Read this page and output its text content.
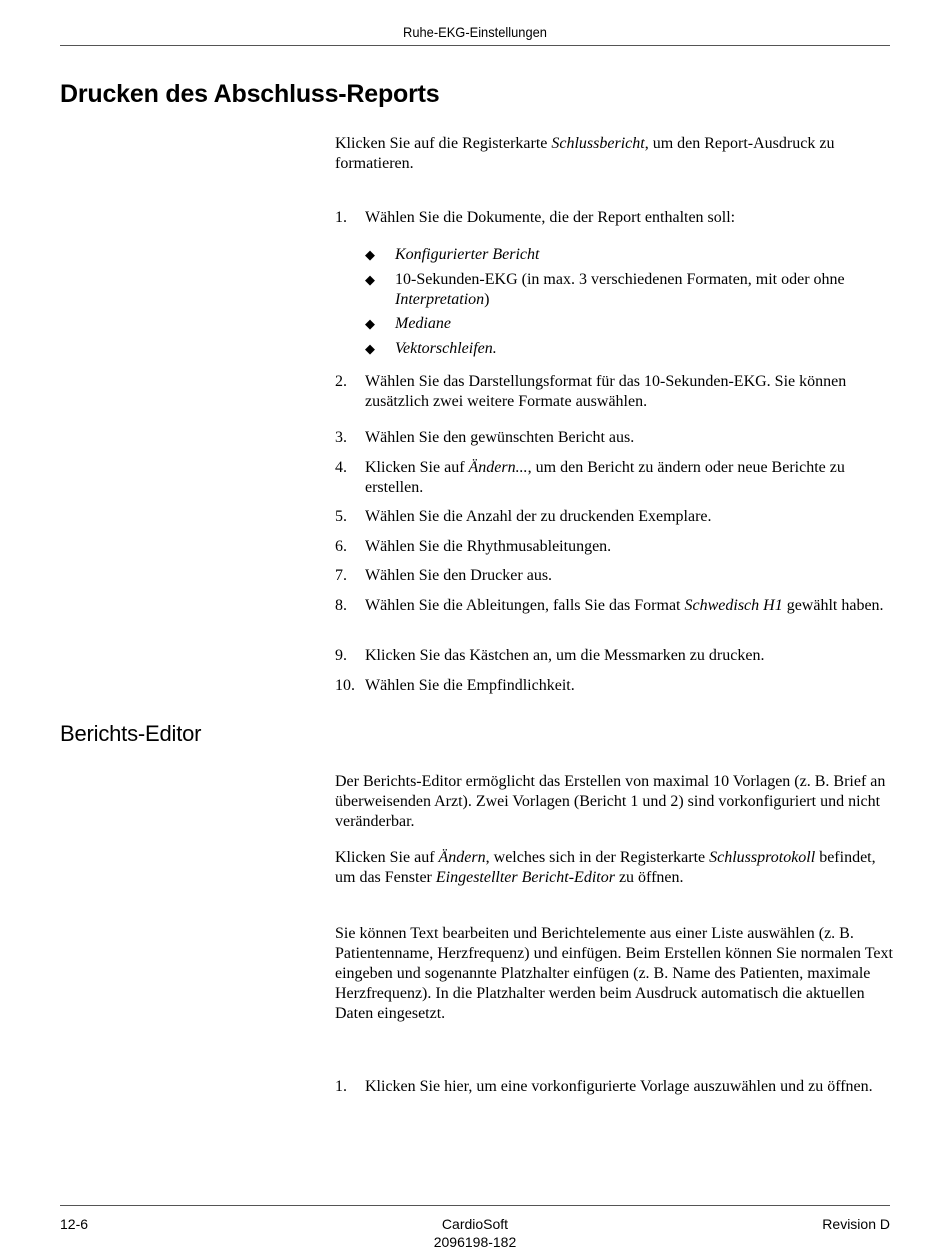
Ruhe-EKG-Einstellungen
Drucken des Abschluss-Reports

Klicken Sie auf die Registerkarte Schlussbericht, um den Report-Ausdruck zu formatieren.

1. Wählen Sie die Dokumente, die der Report enthalten soll:
◆ Konfigurierter Bericht
◆ 10-Sekunden-EKG (in max. 3 verschiedenen Formaten, mit oder ohne Interpretation)
◆ Mediane
◆ Vektorschleifen.
2. Wählen Sie das Darstellungsformat für das 10-Sekunden-EKG. Sie können zusätzlich zwei weitere Formate auswählen.
3. Wählen Sie den gewünschten Bericht aus.
4. Klicken Sie auf Ändern..., um den Bericht zu ändern oder neue Berichte zu erstellen.
5. Wählen Sie die Anzahl der zu druckenden Exemplare.
6. Wählen Sie die Rhythmusableitungen.
7. Wählen Sie den Drucker aus.
8. Wählen Sie die Ableitungen, falls Sie das Format Schwedisch H1 gewählt haben.
9. Klicken Sie das Kästchen an, um die Messmarken zu drucken.
10. Wählen Sie die Empfindlichkeit.
Berichts-Editor

Der Berichts-Editor ermöglicht das Erstellen von maximal 10 Vorlagen (z. B. Brief an überweisenden Arzt). Zwei Vorlagen (Bericht 1 und 2) sind vorkonfiguriert und nicht veränderbar.

Klicken Sie auf Ändern, welches sich in der Registerkarte Schlussprotokoll befindet, um das Fenster Eingestellter Bericht-Editor zu öffnen.

Sie können Text bearbeiten und Berichtelemente aus einer Liste auswählen (z. B. Patientenname, Herzfrequenz) und einfügen. Beim Erstellen können Sie normalen Text eingeben und sogenannte Platzhalter einfügen (z. B. Name des Patienten, maximale Herzfrequenz). In die Platzhalter werden beim Ausdruck automatisch die aktuellen Daten eingesetzt.

1. Klicken Sie hier, um eine vorkonfigurierte Vorlage auszuwählen und zu öffnen.
12-6	CardioSoft
2096198-182
Revision D
